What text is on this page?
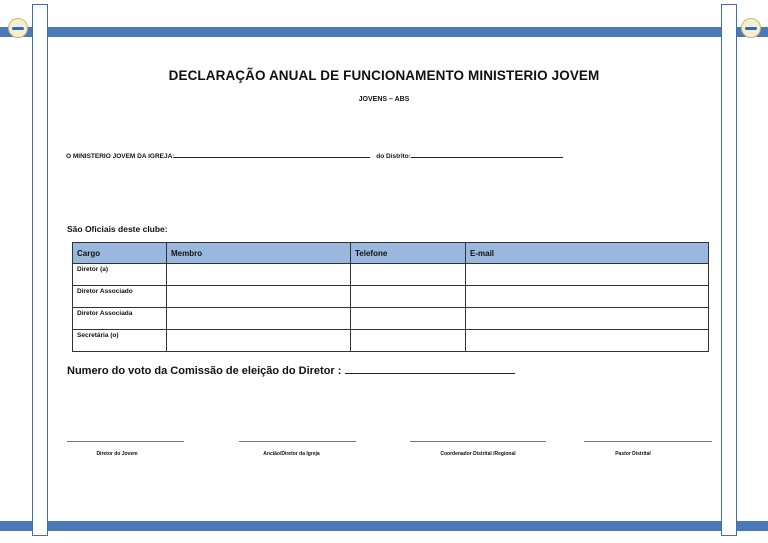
DECLARAÇÃO ANUAL DE FUNCIONAMENTO MINISTERIO JOVEM
JOVENS – ABS
O MINISTERIO JOVEM DA IGREJA:	do Distrito:
São Oficiais deste clube:
Cargo	Membro	Telefone	E-mail
Diretor (a)			
Diretor Associado			
Diretor Associada			
Secretária (o)			
Numero do voto da Comissão de eleição do Diretor :
Diretor do Jovem	Ancião/Diretor da Igreja	Coordenador Distrital /Regional	Pastor Distrital
